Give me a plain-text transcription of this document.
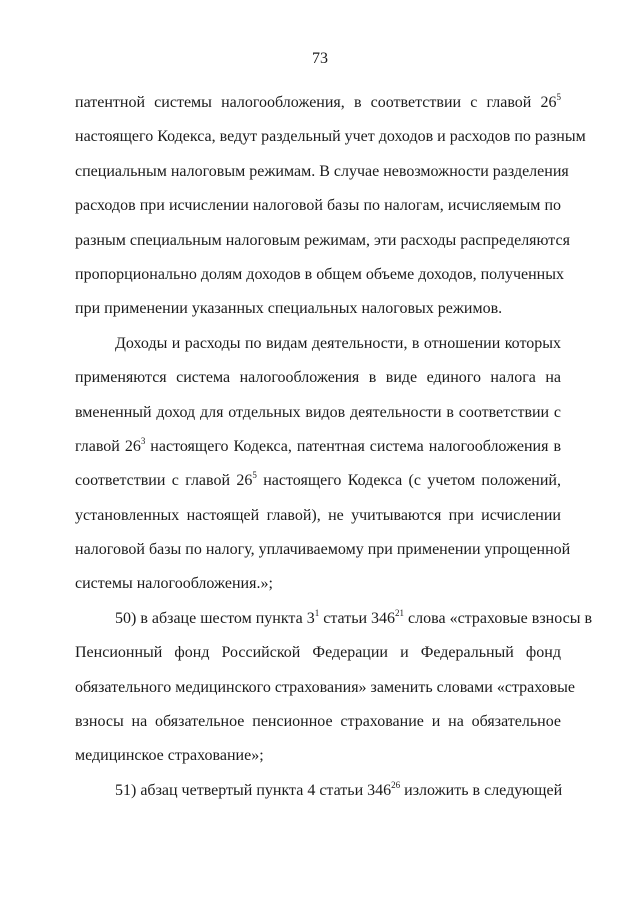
73
патентной системы налогообложения, в соответствии с главой $26^5$
настоящего Кодекса, ведут раздельный учет доходов и расходов по разным
специальным налоговым режимам. В случае невозможности разделения
расходов при исчислении налоговой базы по налогам, исчисляемым по
разным специальным налоговым режимам, эти расходы распределяются
пропорционально долям доходов в общем объеме доходов, полученных
при применении указанных специальных налоговых режимов.
Доходы и расходы по видам деятельности, в отношении которых
применяются система налогообложения в виде единого налога на
вмененный доход для отдельных видов деятельности в соответствии с
главой $26^3$ настоящего Кодекса, патентная система налогообложения в
соответствии с главой $26^5$ настоящего Кодекса (с учетом положений,
установленных настоящей главой), не учитываются при исчислении
налоговой базы по налогу, уплачиваемому при применении упрощенной
системы налогообложения.»;
50) в абзаце шестом пункта $3^1$ статьи $346^{21}$ слова «страховые взносы в
Пенсионный фонд Российской Федерации и Федеральный фонд
обязательного медицинского страхования» заменить словами «страховые
взносы на обязательное пенсионное страхование и на обязательное
медицинское страхование»;
51) абзац четвертый пункта 4 статьи $346^{26}$ изложить в следующей
